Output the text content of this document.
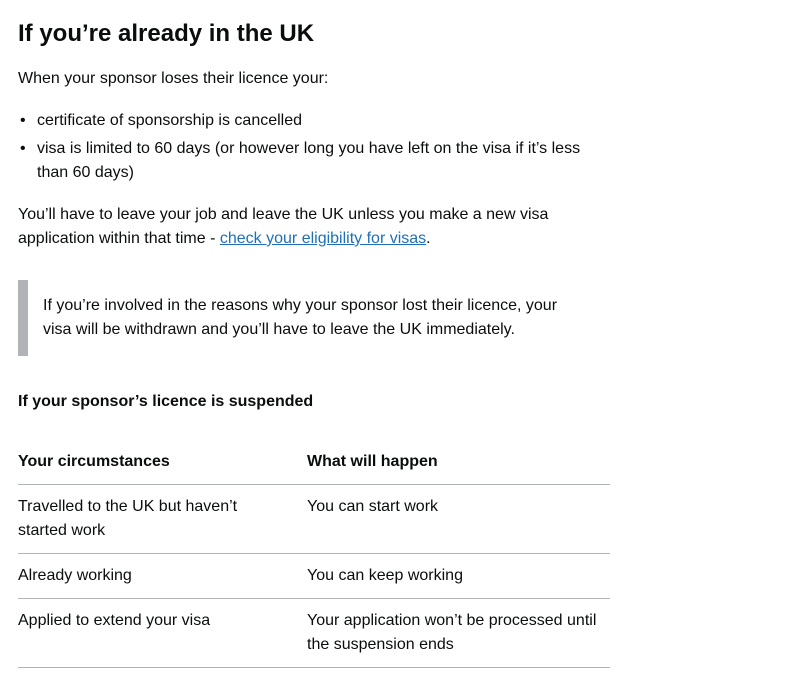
If you’re already in the UK

When your sponsor loses their licence your:

• certificate of sponsorship is cancelled
• visa is limited to 60 days (or however long you have left on the visa if it’s less than 60 days)

You’ll have to leave your job and leave the UK unless you make a new visa application within that time - check your eligibility for visas.

If you’re involved in the reasons why your sponsor lost their licence, your visa will be withdrawn and you’ll have to leave the UK immediately.

If your sponsor’s licence is suspended
Your circumstances	What will happen
Travelled to the UK but haven’t started work	You can start work
Already working	You can keep working
Applied to extend your visa	Your application won’t be processed until the suspension ends
